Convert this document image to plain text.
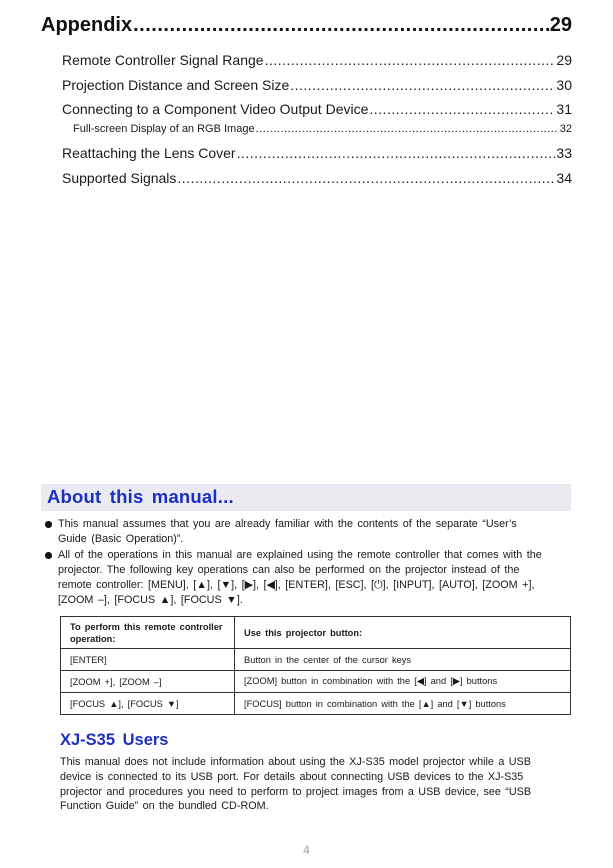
Appendix .....	29
Remote Controller Signal Range .....	29
Projection Distance and Screen Size .....	30
Connecting to a Component Video Output Device .....	31
Full-screen Display of an RGB Image .....	32
Reattaching the Lens Cover .....	33
Supported Signals .....	34
About this manual...
This manual assumes that you are already familiar with the contents of the separate “User’s Guide (Basic Operation)”.
All of the operations in this manual are explained using the remote controller that comes with the projector. The following key operations can also be performed on the projector instead of the remote controller: [MENU], [▲], [▼], [▶], [◀], [ENTER], [ESC], [⏻], [INPUT], [AUTO], [ZOOM +], [ZOOM –], [FOCUS ▲], [FOCUS ▼].
To perform this remote controller operation:	Use this projector button:
[ENTER]	Button in the center of the cursor keys
[ZOOM +], [ZOOM –]	[ZOOM] button in combination with the [◀] and [▶] buttons
[FOCUS ▲], [FOCUS ▼]	[FOCUS] button in combination with the [▲] and [▼] buttons
XJ-S35 Users
This manual does not include information about using the XJ-S35 model projector while a USB device is connected to its USB port. For details about connecting USB devices to the XJ-S35 projector and procedures you need to perform to project images from a USB device, see “USB Function Guide” on the bundled CD-ROM.
4
